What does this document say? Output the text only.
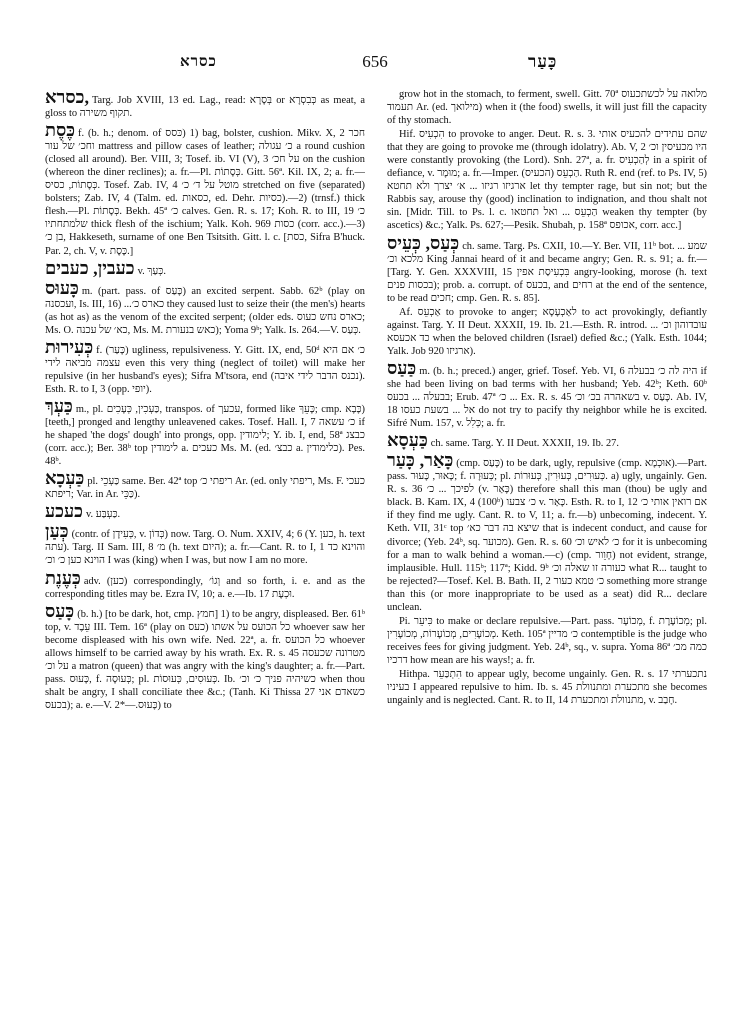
כסרא	656	כָּעַר

כסרא, Targ. Job XVIII, 13 ed. Lag., read: בְּסָרָא or כְּבִסְרָא as meat, a gloss to תקוף משירה.

כֶּסֶת f. (b. h.; denom. of כּסס) 1) bag, bolster, cushion. Mikv. X, 2 חכר וחכ׳ של עור mattress and pillow cases of leather; כ׳ עגולה a round cushion (closed all around). Ber. VIII, 3; Tosef. ib. VI (V), 3 על חכ׳ on the cushion (whereon the diner reclines); a. fr.—Pl. כְּסָתוֹת. Gitt. 56ª. Kil. IX, 2; a. fr.—כְּסָתוֹת, כסיס. Tosef. Zab. IV, 4 מוטל על ד׳ כ׳ stretched on five (separated) bolsters; Zab. IV, 4 (Talm. ed. כסאות, ed. Dehr. כסיות).—2) (trnsf.) thick flesh.—Pl. כְּסָתוֹת. Bekh. 45ª כ׳ calves. Gen. R. s. 17; Koh. R. to III, 19 כ׳ שלמתחתיו thick flesh of the ischium; Yalk. Koh. 969 כסות (corr. acc.).—3) בן כ׳, Hakkeseth, surname of one Ben Tsitsith. Gitt. l. c. [כסת, Sifra B'huck. Par. 2, ch. V, v. כֶּסֶת.]

כעבין, כעבים v. כְּעַךְ.

כָּעוּס m. (part. pass. of כָּעַס) an excited serpent. Sabb. 62ᵇ (play on ועכסנה, Is. III, 16) ...כארס כ׳ they caused lust to seize their (the men's) hearts (as hot as) as the venom of the excited serpent; (older eds. כארס נחש כעוס; Ms. O. כא׳ של עכנה, Ms. M. כאש בנעורת); Yoma 9ᵇ; Yalk. Is. 264.—V. כְּעַס.

כְּעִירוּת f. (כָּעַר) ugliness, repulsiveness. Y. Gitt. IX, end, 50ᵈ כ׳ אם היא עצמה מביאה לידי even this very thing (neglect of toilet) will make her repulsive (in her husband's eyes); Sifra M'tsora, end (נכנס הדבר לידי איבה). Esth. R. to I, 3 (opp. יופי).

כַּעְךְ m., pl. כַּעְכִין, כְּעָכִים, transpos. of עכעך, formed like כָּעֵךְ; cmp. כָּבָא) [teeth,] pronged and lengthy unleavened cakes. Tosef. Hall. I, 7 כ׳ עשאה if he shaped 'the dogs' dough' into prongs, opp. לימודין; Y. ib. I, end, 58ª כבצג (corr. acc.); Ber. 38ᵇ top לימודין a. כעכים Ms. M. (ed. כבצ׳ a. כלימודין). Pes. 48ᵇ.

כַּעְכָא pl. כַּעְכֵי same. Ber. 42ª top ריפתי כ׳ Ar. (ed. only ריפתי, Ms. F. כעכי ריפתא; Var. in Ar. כַּכֵּי).

כעכע v. כַּעְבַּע.

כְּעַן (contr. of כְּעִידָן, v. כְּדוֹן) now. Targ. O. Num. XXIV, 4; 6 (Y. כען, h. text עתה). Targ. II Sam. III, 8 מ׳ (h. text היום); a. fr.—Cant. R. to I, 1 והוינא כד הוינא כען כ׳ וכ׳ I was (king) when I was, but now I am no more.

כְּעֶנֶת adv. (כען) correspondingly, וְגוֹ׳ and so forth, i. e. and as the corresponding titles may be. Ezra IV, 10; a. e.—Ib. 17 וּכְעֶת.

כָּעַס (b. h.) [to be dark, hot, cmp. חמץ] 1) to be angry, displeased. Ber. 61ᵇ top, v. עֵבֶד III. Tem. 16ª (play on כעס) כל הכועס על אשתו whoever saw her become displeased with his own wife. Ned. 22ª, a. fr. כל הכועס whoever allows himself to be carried away by his wrath. Ex. R. s. 45 מטרונה שכעסה על וכ׳ a matron (queen) that was angry with the king's daughter; a. fr.—Part. pass. כָּעוּס, f. כְּעוּסָה; pl. כְּעוּסִים, כְּעוּסוֹת. Ib. כשיהיה פניך כ׳ וכ׳ when thou shalt be angry, I shall conciliate thee &c.; (Tanh. Ki Thissa 27 כשאדם אני בכעס); a. e.—V. כָּעוּס.—*2) to

grow hot in the stomach, to ferment, swell. Gitt. 70ª מלואה על לכשתכעוס תעמוד Ar. (ed. מילואך) when it (the food) swells, it will just fill the capacity of thy stomach.

Hif. הִכְעִיס to provoke to anger. Deut. R. s. 3. שהם עתידים להכעיס אותי that they are going to provoke me (through idolatry). Ab. V, 2 היו מכעיסין וכ׳ were constantly provoking (the Lord). Snh. 27ª, a. fr. לְהַכְעִיס in a spirit of defiance, v. מוּמָר; a. fr.—Imper. הַכְעֵס (הכעיס). Ruth R. end (ref. to Ps. IV, 5) ארגיזו רגיזו ... א׳ יצרך ולא תחטא let thy tempter rage, but sin not; but the Rabbis say, arouse thy (good) inclination to indignation, and thou shalt not sin. [Midr. Till. to Ps. l. c. הַכְעֵס ... ואל תחטאו weaken thy tempter (by ascetics) &c.; Yalk. Ps. 627;—Pesik. Shubah, p. 158ª אכופס, corr. acc.]

כְּעַס, כְּעֵיס ch. same. Targ. Ps. CXII, 10.—Y. Ber. VII, 11ᵇ bot. שמע ... מלכא וכ׳ King Jannai heard of it and became angry; Gen. R. s. 91; a. fr.—[Targ. Y. Gen. XXXVIII, 15 בִּכְעִיסַת אפין angry-looking, morose (h. text בכסות פנים); prob. a. corrupt. of בכעס, and רחים at the end of the sentence, to be read חכים; cmp. Gen. R. s. 85].

Af. אַכְעֵס to provoke to anger; לאַכְעָסָא to act provokingly, defiantly against. Targ. Y. II Deut. XXXII, 19. Ib. 21.—Esth. R. introd. עובדוהון וכ׳ ... כד אכעסא when the beloved children (Israel) defied &c.; (Yalk. Esth. 1044; Yalk. Job 920 ארגיזו).

כַּעַס m. (b. h.; preced.) anger, grief. Tosef. Yeb. VI, 6 היה לה כ׳ בבעלה if she had been living on bad terms with her husband; Yeb. 42ᵇ; Keth. 60ᵇ בבעלה ... בכעס; Erub. 47ª כ׳ ... Ex. R. s. 45 בשאהרה בכ׳ וכ׳ v. כָּעַס. Ab. IV, 18 אל ... בשעת כעסו do not try to pacify thy neighbor while he is excited. Sifré Num. 157, v. כְּלִל; a. fr.

כַּעְסָא ch. same. Targ. Y. II Deut. XXXII, 19. Ib. 27.

כָּאַר, כָּעַר (cmp. כָּעַס) to be dark, ugly, repulsive (cmp. אוּכְמָא).—Part. pass. כָּאוּר, כָּעוּר; f. כְּעוּרָה; pl. כְּעוּרִים, כְּעוּרִין, כְּעוּרוֹת. a) ugly, ungainly. Gen. R. s. 36 לפיכך ... כ׳ (v. כָּאַר) therefore shall this man (thou) be ugly and black. B. Kam. IX, 4 (100ᵇ) כ׳ צבעו v. כָּאַר. Esth. R. to I, 12 אם רואין אותי כ׳ if they find me ugly. Cant. R. to V, 11; a. fr.—b) unbecoming, indecent. Y. Keth. VII, 31ᶜ top שיצא בה דבר כא׳ that is indecent conduct, and cause for divorce; (Yeb. 24ᵇ, sq. מכוער). Gen. R. s. 60 כ׳ לאיש וכ׳ for it is unbecoming for a man to walk behind a woman.—c) (cmp. חָוֵור) not evident, strange, implausible. Hull. 115ᵇ; 117ª; Kidd. 9ᵇ כעורה זו שאלה וכ׳ what R... taught to be rejected?—Tosef. Kel. B. Bath. II, 2 כ׳ טמא כעור something more strange than this (or more inappropriate to be used as a seat) did R... declare unclean.

Pi. כִּיעֵר to make or declare repulsive.—Part. pass. מְכוֹעָר, f. מְכוֹעֶרֶת; pl. מְכוֹעָרִים, מְכוֹעָרוֹת, מְכוֹעָרִין. Keth. 105ª כ׳ מדיין contemptible is the judge who receives fees for giving judgment. Yeb. 24ᵇ, sq., v. supra. Yoma 86ª כמה מכ׳ דרכיו how mean are his ways!; a. fr.

Hithpa. הִתְכַּעֵר to appear ugly, become ungainly. Gen. R. s. 17 נתכערתי בעיניו I appeared repulsive to him. Ib. s. 45 מתכערת ומתנוולת she becomes ungainly and is neglected. Cant. R. to II, 14 מתנוולת ומתכערת, v. חָבַב.
